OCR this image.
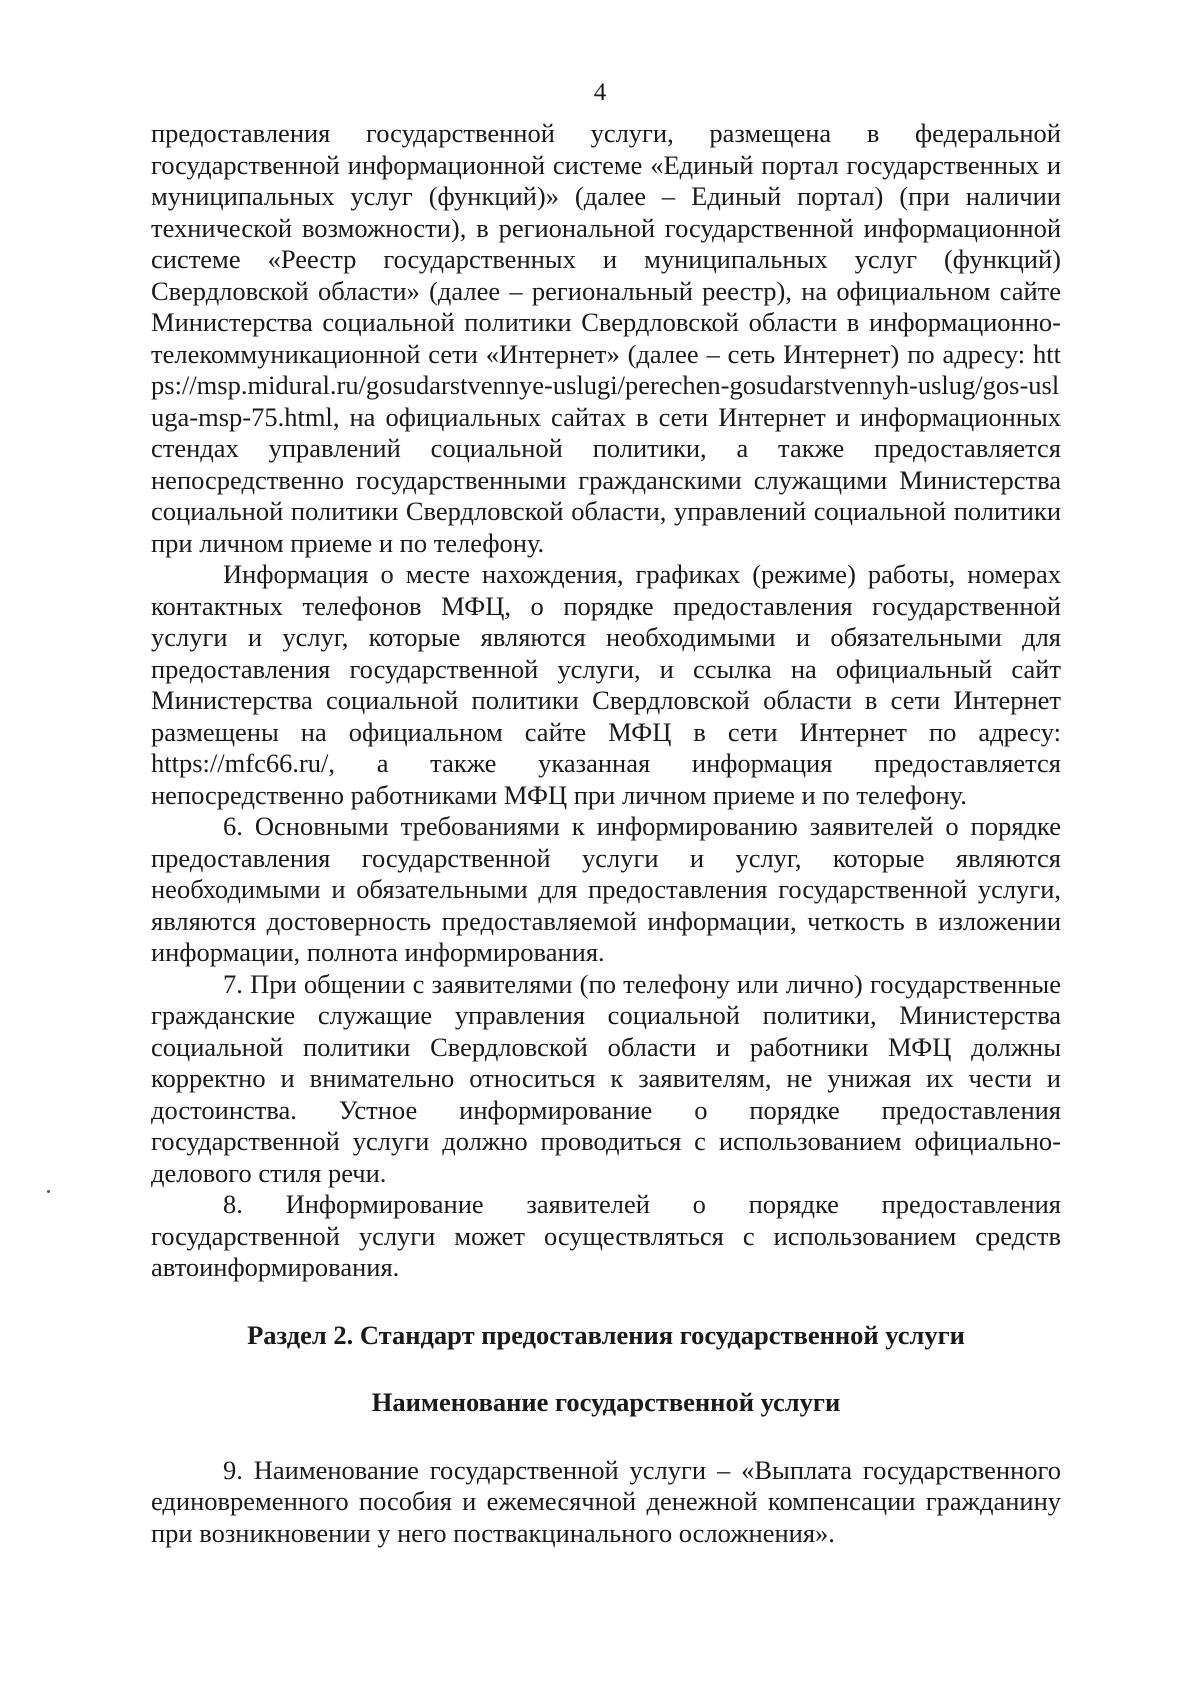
4

предоставления государственной услуги, размещена в федеральной государственной информационной системе «Единый портал государственных и муниципальных услуг (функций)» (далее – Единый портал) (при наличии технической возможности), в региональной государственной информационной системе «Реестр государственных и муниципальных услуг (функций) Свердловской области» (далее – региональный реестр), на официальном сайте Министерства социальной политики Свердловской области в информационно-телекоммуникационной сети «Интернет» (далее – сеть Интернет) по адресу: https://msp.midural.ru/gosudarstvennye-uslugi/perechen-gosudarstvennyh-uslug/gos-usluga-msp-75.html, на официальных сайтах в сети Интернет и информационных стендах управлений социальной политики, а также предоставляется непосредственно государственными гражданскими служащими Министерства социальной политики Свердловской области, управлений социальной политики при личном приеме и по телефону.

Информация о месте нахождения, графиках (режиме) работы, номерах контактных телефонов МФЦ, о порядке предоставления государственной услуги и услуг, которые являются необходимыми и обязательными для предоставления государственной услуги, и ссылка на официальный сайт Министерства социальной политики Свердловской области в сети Интернет размещены на официальном сайте МФЦ в сети Интернет по адресу: https://mfc66.ru/, а также указанная информация предоставляется непосредственно работниками МФЦ при личном приеме и по телефону.

6. Основными требованиями к информированию заявителей о порядке предоставления государственной услуги и услуг, которые являются необходимыми и обязательными для предоставления государственной услуги, являются достоверность предоставляемой информации, четкость в изложении информации, полнота информирования.

7. При общении с заявителями (по телефону или лично) государственные гражданские служащие управления социальной политики, Министерства социальной политики Свердловской области и работники МФЦ должны корректно и внимательно относиться к заявителям, не унижая их чести и достоинства. Устное информирование о порядке предоставления государственной услуги должно проводиться с использованием официально-делового стиля речи.

8. Информирование заявителей о порядке предоставления государственной услуги может осуществляться с использованием средств автоинформирования.

Раздел 2. Стандарт предоставления государственной услуги
Наименование государственной услуги

9. Наименование государственной услуги – «Выплата государственного единовременного пособия и ежемесячной денежной компенсации гражданину при возникновении у него поствакцинального осложнения».
